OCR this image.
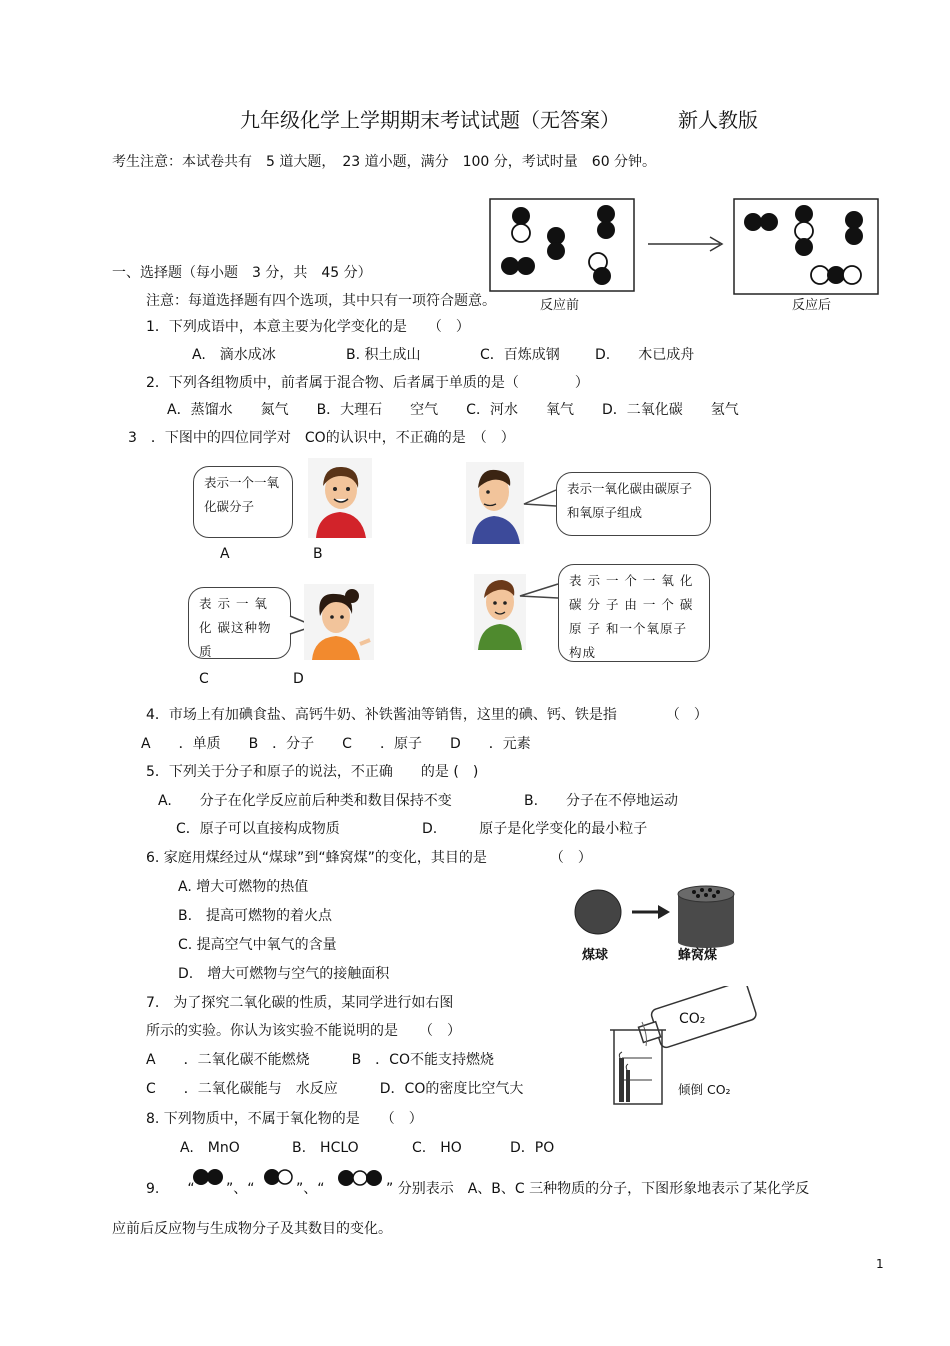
九年级化学上学期期末考试试题（无答案）	新人教版
考生注意：本试卷共有　5 道大题，　23 道小题，满分　100 分，考试时量　60 分钟。
反应前	反应后
一、选择题（每小题　3 分，共　45 分）
注意：每道选择题有四个选项，其中只有一项符合题意。
1．下列成语中，本意主要为化学变化的是　　（　）
A.　滴水成冰	B. 积土成山	C．百炼成钢	D.　　木已成舟
2．下列各组物质中，前者属于混合物、后者属于单质的是（　　　　）
A．蒸馏水　　氮气　　B．大理石　　空气　　C．河水　　氧气　　D．二氧化碳　　氢气
3　．下图中的四位同学对　CO的认识中，不正确的是　（　）
表示一个一氧化碳分子
A	B
表示一氧化碳由碳原子和氧原子组成
表 示 一 氧 化 碳这种物质
C	D
表 示 一 个 一 氧 化 碳 分 子 由 一 个 碳 原 子 和一个氧原子构成
4．市场上有加碘食盐、高钙牛奶、补铁酱油等销售，这里的碘、钙、铁是指　　　　（　）
A　　．单质　　B　．分子　　C　　．原子　　D　　．元素
5．下列关于分子和原子的说法，不正确　　的是 (　)
A.　　分子在化学反应前后种类和数目保持不变	B.　　分子在不停地运动
C．原子可以直接构成物质	D.　　　原子是化学变化的最小粒子
6. 家庭用煤经过从“煤球”到“蜂窝煤”的变化，其目的是　　　　　（　）
A. 增大可燃物的热值
B.　提高可燃物的着火点
C. 提高空气中氧气的含量
D.　增大可燃物与空气的接触面积
煤球	蜂窝煤
7.　为了探究二氧化碳的性质，某同学进行如右图
所示的实验。你认为该实验不能说明的是　　（　）
A　　．二氧化碳不能燃烧　　　B　．CO不能支持燃烧
C　　．二氧化碳能与　水反应　　　D．CO的密度比空气大
CO₂
倾倒 CO₂
8. 下列物质中，不属于氧化物的是　　（　）
A.　MnO	B.　HCLO	C.　HO	D．PO
9.　　“ ”、“	”、“	” 分别表示　A、B、C 三种物质的分子，下图形象地表示了某化学反
应前后反应物与生成物分子及其数目的变化。
1
